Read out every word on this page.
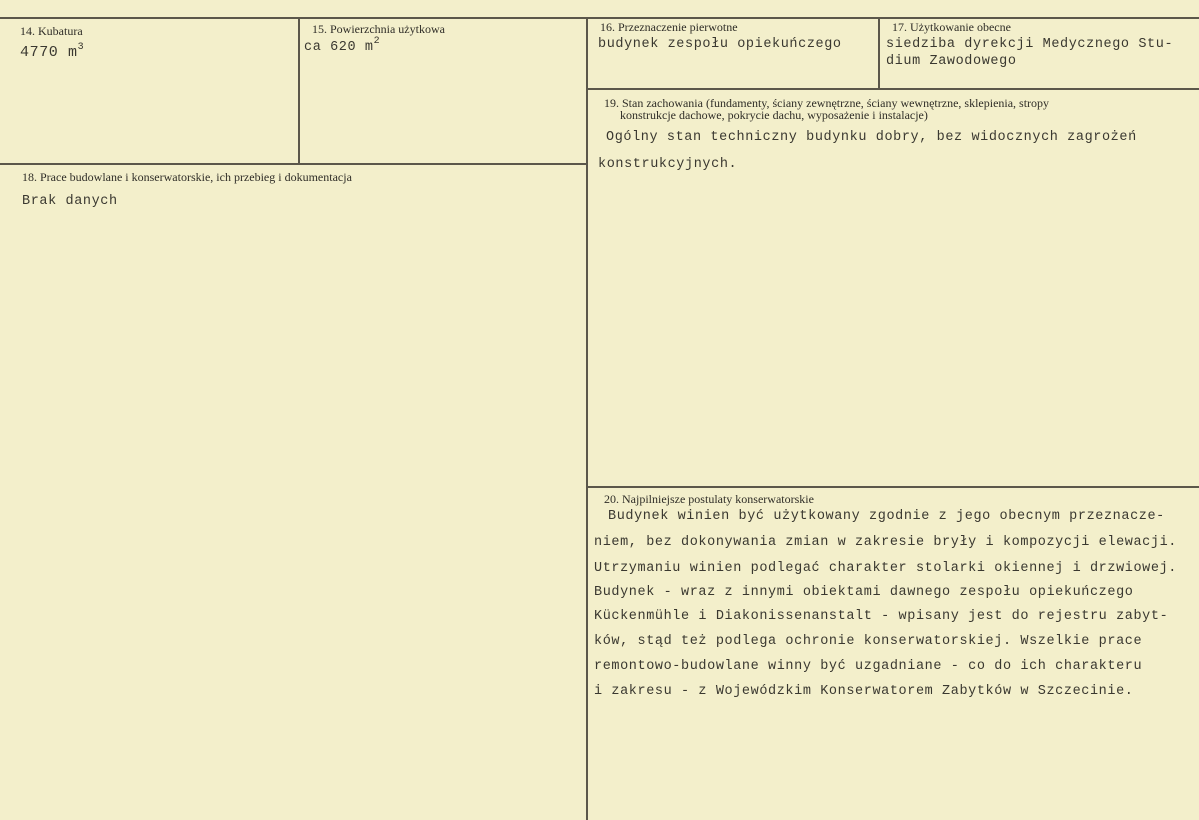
14. Kubatura
4770 $m^3$
15. Powierzchnia użytkowa
ca 620 $m^2$
16. Przeznaczenie pierwotne
budynek zespołu opiekuńczego
17. Użytkowanie obecne
siedziba dyrekcji Medycznego Stu-
dium Zawodowego
18. Prace budowlane i konserwatorskie, ich przebieg i dokumentacja
Brak danych
19. Stan zachowania (fundamenty, ściany zewnętrzne, ściany wewnętrzne, sklepienia, stropy
konstrukcje dachowe, pokrycie dachu, wyposażenie i instalacje)
Ogólny stan techniczny budynku dobry, bez widocznych zagrożeń
konstrukcyjnych.
20. Najpilniejsze postulaty konserwatorskie
Budynek winien być użytkowany zgodnie z jego obecnym przeznacze-
niem, bez dokonywania zmian w zakresie bryły i kompozycji elewacji.
Utrzymaniu winien podlegać charakter stolarki okiennej i drzwiowej.
Budynek - wraz z innymi obiektami dawnego zespołu opiekuńczego
Kückenmühle i Diakonissenanstalt - wpisany jest do rejestru zabyt-
ków, stąd też podlega ochronie konserwatorskiej. Wszelkie prace
remontowo-budowlane winny być uzgadniane - co do ich charakteru
i zakresu - z Wojewódzkim Konserwatorem Zabytków w Szczecinie.
